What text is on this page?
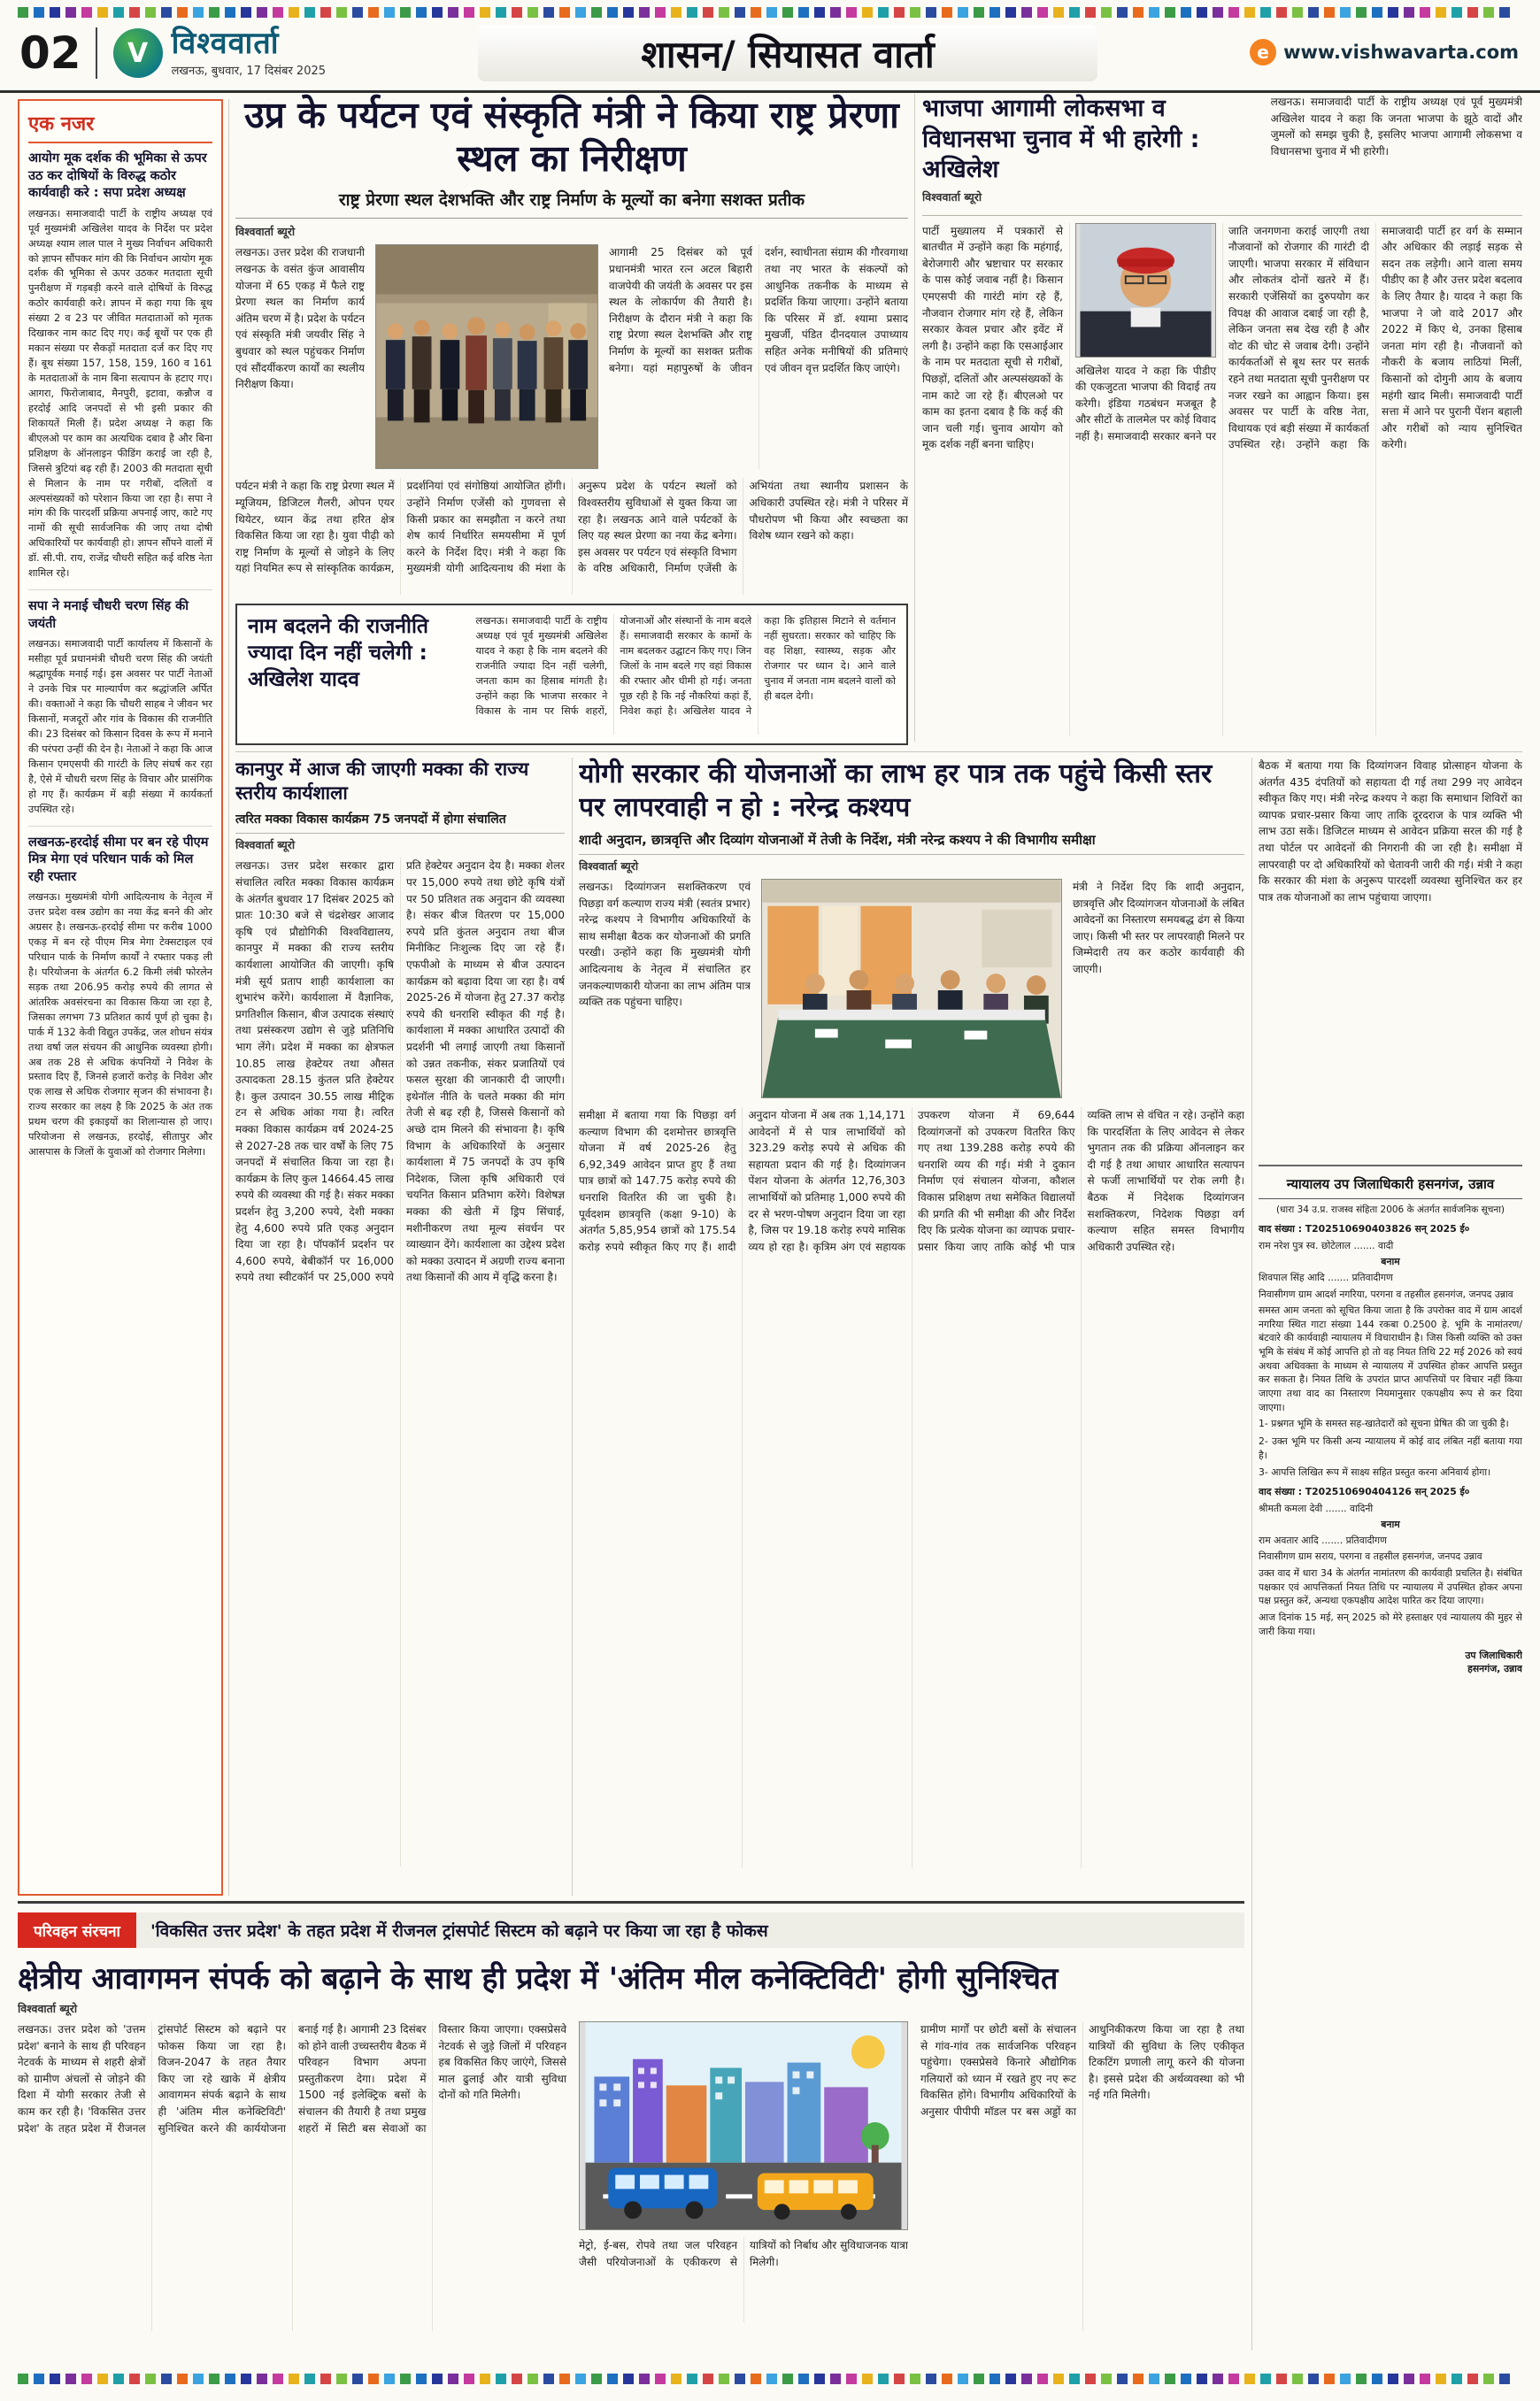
02	V विश्ववार्ता
लखनऊ, बुधवार, 17 दिसंबर 2025	शासन/ सियासत वार्ता	e www.vishwavarta.com
एक नजर
आयोग मूक दर्शक की भूमिका से ऊपर उठ कर दोषियों के विरुद्ध कठोर कार्यवाही करे : सपा प्रदेश अध्यक्ष

लखनऊ। समाजवादी पार्टी के राष्ट्रीय अध्यक्ष एवं पूर्व मुख्यमंत्री अखिलेश यादव के निर्देश पर प्रदेश अध्यक्ष श्याम लाल पाल ने मुख्य निर्वाचन अधिकारी को ज्ञापन सौंपकर मांग की कि निर्वाचन आयोग मूक दर्शक की भूमिका से ऊपर उठकर मतदाता सूची पुनरीक्षण में गड़बड़ी करने वाले दोषियों के विरुद्ध कठोर कार्यवाही करे। ज्ञापन में कहा गया कि बूथ संख्या 2 व 23 पर जीवित मतदाताओं को मृतक दिखाकर नाम काट दिए गए। कई बूथों पर एक ही मकान संख्या पर सैकड़ों मतदाता दर्ज कर दिए गए हैं। बूथ संख्या 157, 158, 159, 160 व 161 के मतदाताओं के नाम बिना सत्यापन के हटाए गए। आगरा, फिरोजाबाद, मैनपुरी, इटावा, कन्नौज व हरदोई आदि जनपदों से भी इसी प्रकार की शिकायतें मिली हैं। प्रदेश अध्यक्ष ने कहा कि बीएलओ पर काम का अत्यधिक दबाव है और बिना प्रशिक्षण के ऑनलाइन फीडिंग कराई जा रही है, जिससे त्रुटियां बढ़ रही हैं। 2003 की मतदाता सूची से मिलान के नाम पर गरीबों, दलितों व अल्पसंख्यकों को परेशान किया जा रहा है। सपा ने मांग की कि पारदर्शी प्रक्रिया अपनाई जाए, काटे गए नामों की सूची सार्वजनिक की जाए तथा दोषी अधिकारियों पर कार्यवाही हो। ज्ञापन सौंपने वालों में डॉ. सी.पी. राय, राजेंद्र चौधरी सहित कई वरिष्ठ नेता शामिल रहे।

सपा ने मनाई चौधरी चरण सिंह की जयंती

लखनऊ। समाजवादी पार्टी कार्यालय में किसानों के मसीहा पूर्व प्रधानमंत्री चौधरी चरण सिंह की जयंती श्रद्धापूर्वक मनाई गई। इस अवसर पर पार्टी नेताओं ने उनके चित्र पर माल्यार्पण कर श्रद्धांजलि अर्पित की। वक्ताओं ने कहा कि चौधरी साहब ने जीवन भर किसानों, मजदूरों और गांव के विकास की राजनीति की। 23 दिसंबर को किसान दिवस के रूप में मनाने की परंपरा उन्हीं की देन है। नेताओं ने कहा कि आज किसान एमएसपी की गारंटी के लिए संघर्ष कर रहा है, ऐसे में चौधरी चरण सिंह के विचार और प्रासंगिक हो गए हैं। कार्यक्रम में बड़ी संख्या में कार्यकर्ता उपस्थित रहे।

लखनऊ-हरदोई सीमा पर बन रहे पीएम मित्र मेगा एवं परिधान पार्क को मिल रही रफ्तार

लखनऊ। मुख्यमंत्री योगी आदित्यनाथ के नेतृत्व में उत्तर प्रदेश वस्त्र उद्योग का नया केंद्र बनने की ओर अग्रसर है। लखनऊ-हरदोई सीमा पर करीब 1000 एकड़ में बन रहे पीएम मित्र मेगा टेक्सटाइल एवं परिधान पार्क के निर्माण कार्यों ने रफ्तार पकड़ ली है। परियोजना के अंतर्गत 6.2 किमी लंबी फोरलेन सड़क तथा 206.95 करोड़ रुपये की लागत से आंतरिक अवसंरचना का विकास किया जा रहा है, जिसका लगभग 73 प्रतिशत कार्य पूर्ण हो चुका है। पार्क में 132 केवी विद्युत उपकेंद्र, जल शोधन संयंत्र तथा वर्षा जल संचयन की आधुनिक व्यवस्था होगी। अब तक 28 से अधिक कंपनियों ने निवेश के प्रस्ताव दिए हैं, जिनसे हजारों करोड़ के निवेश और एक लाख से अधिक रोजगार सृजन की संभावना है। राज्य सरकार का लक्ष्य है कि 2025 के अंत तक प्रथम चरण की इकाइयों का शिलान्यास हो जाए। परियोजना से लखनऊ, हरदोई, सीतापुर और आसपास के जिलों के युवाओं को रोजगार मिलेगा।

उप्र के पर्यटन एवं संस्कृति मंत्री ने किया राष्ट्र प्रेरणा स्थल का निरीक्षण
राष्ट्र प्रेरणा स्थल देशभक्ति और राष्ट्र निर्माण के मूल्यों का बनेगा सशक्त प्रतीक
विश्ववार्ता ब्यूरो

लखनऊ। उत्तर प्रदेश की राजधानी लखनऊ के वसंत कुंज आवासीय योजना में 65 एकड़ में फैले राष्ट्र प्रेरणा स्थल का निर्माण कार्य अंतिम चरण में है। प्रदेश के पर्यटन एवं संस्कृति मंत्री जयवीर सिंह ने बुधवार को स्थल पहुंचकर निर्माण एवं सौंदर्यीकरण कार्यों का स्थलीय निरीक्षण किया।

आगामी 25 दिसंबर को पूर्व प्रधानमंत्री भारत रत्न अटल बिहारी वाजपेयी की जयंती के अवसर पर इस स्थल के लोकार्पण की तैयारी है। निरीक्षण के दौरान मंत्री ने कहा कि राष्ट्र प्रेरणा स्थल देशभक्ति और राष्ट्र निर्माण के मूल्यों का सशक्त प्रतीक बनेगा। यहां महापुरुषों के जीवन दर्शन, स्वाधीनता संग्राम की गौरवगाथा तथा नए भारत के संकल्पों को आधुनिक तकनीक के माध्यम से प्रदर्शित किया जाएगा। उन्होंने बताया कि परिसर में डॉ. श्यामा प्रसाद मुखर्जी, पंडित दीनदयाल उपाध्याय सहित अनेक मनीषियों की प्रतिमाएं एवं जीवन वृत्त प्रदर्शित किए जाएंगे।

पर्यटन मंत्री ने कहा कि राष्ट्र प्रेरणा स्थल में म्यूजियम, डिजिटल गैलरी, ओपन एयर थियेटर, ध्यान केंद्र तथा हरित क्षेत्र विकसित किया जा रहा है। युवा पीढ़ी को राष्ट्र निर्माण के मूल्यों से जोड़ने के लिए यहां नियमित रूप से सांस्कृतिक कार्यक्रम, प्रदर्शनियां एवं संगोष्ठियां आयोजित होंगी। उन्होंने निर्माण एजेंसी को गुणवत्ता से किसी प्रकार का समझौता न करने तथा शेष कार्य निर्धारित समयसीमा में पूर्ण करने के निर्देश दिए। मंत्री ने कहा कि मुख्यमंत्री योगी आदित्यनाथ की मंशा के अनुरूप प्रदेश के पर्यटन स्थलों को विश्वस्तरीय सुविधाओं से युक्त किया जा रहा है। लखनऊ आने वाले पर्यटकों के लिए यह स्थल प्रेरणा का नया केंद्र बनेगा। इस अवसर पर पर्यटन एवं संस्कृति विभाग के वरिष्ठ अधिकारी, निर्माण एजेंसी के अभियंता तथा स्थानीय प्रशासन के अधिकारी उपस्थित रहे। मंत्री ने परिसर में पौधरोपण भी किया और स्वच्छता का विशेष ध्यान रखने को कहा।

नाम बदलने की राजनीति ज्यादा दिन नहीं चलेगी : अखिलेश यादव

लखनऊ। समाजवादी पार्टी के राष्ट्रीय अध्यक्ष एवं पूर्व मुख्यमंत्री अखिलेश यादव ने कहा है कि नाम बदलने की राजनीति ज्यादा दिन नहीं चलेगी, जनता काम का हिसाब मांगती है। उन्होंने कहा कि भाजपा सरकार ने विकास के नाम पर सिर्फ शहरों, योजनाओं और संस्थानों के नाम बदले हैं। समाजवादी सरकार के कामों के नाम बदलकर उद्घाटन किए गए। जिन जिलों के नाम बदले गए वहां विकास की रफ्तार और धीमी हो गई। जनता पूछ रही है कि नई नौकरियां कहां हैं, निवेश कहां है। अखिलेश यादव ने कहा कि इतिहास मिटाने से वर्तमान नहीं सुधरता। सरकार को चाहिए कि वह शिक्षा, स्वास्थ्य, सड़क और रोजगार पर ध्यान दे। आने वाले चुनाव में जनता नाम बदलने वालों को ही बदल देगी।

भाजपा आगामी लोकसभा व विधानसभा चुनाव में भी हारेगी : अखिलेश
विश्ववार्ता ब्यूरो

लखनऊ। समाजवादी पार्टी के राष्ट्रीय अध्यक्ष एवं पूर्व मुख्यमंत्री अखिलेश यादव ने कहा कि जनता भाजपा के झूठे वादों और जुमलों को समझ चुकी है, इसलिए भाजपा आगामी लोकसभा व विधानसभा चुनाव में भी हारेगी।

पार्टी मुख्यालय में पत्रकारों से बातचीत में उन्होंने कहा कि महंगाई, बेरोजगारी और भ्रष्टाचार पर सरकार के पास कोई जवाब नहीं है। किसान एमएसपी की गारंटी मांग रहे हैं, नौजवान रोजगार मांग रहे हैं, लेकिन सरकार केवल प्रचार और इवेंट में लगी है। उन्होंने कहा कि एसआईआर के नाम पर मतदाता सूची से गरीबों, पिछड़ों, दलितों और अल्पसंख्यकों के नाम काटे जा रहे हैं। बीएलओ पर काम का इतना दबाव है कि कई की जान चली गई। चुनाव आयोग को मूक दर्शक नहीं बनना चाहिए।

अखिलेश यादव ने कहा कि पीडीए की एकजुटता भाजपा की विदाई तय करेगी। इंडिया गठबंधन मजबूत है और सीटों के तालमेल पर कोई विवाद नहीं है। समाजवादी सरकार बनने पर जाति जनगणना कराई जाएगी तथा नौजवानों को रोजगार की गारंटी दी जाएगी। भाजपा सरकार में संविधान और लोकतंत्र दोनों खतरे में हैं। सरकारी एजेंसियों का दुरुपयोग कर विपक्ष की आवाज दबाई जा रही है, लेकिन जनता सब देख रही है और वोट की चोट से जवाब देगी। उन्होंने कार्यकर्ताओं से बूथ स्तर पर सतर्क रहने तथा मतदाता सूची पुनरीक्षण पर नजर रखने का आह्वान किया। इस अवसर पर पार्टी के वरिष्ठ नेता, विधायक एवं बड़ी संख्या में कार्यकर्ता उपस्थित रहे। उन्होंने कहा कि समाजवादी पार्टी हर वर्ग के सम्मान और अधिकार की लड़ाई सड़क से सदन तक लड़ेगी। आने वाला समय पीडीए का है और उत्तर प्रदेश बदलाव के लिए तैयार है। यादव ने कहा कि भाजपा ने जो वादे 2017 और 2022 में किए थे, उनका हिसाब जनता मांग रही है। नौजवानों को नौकरी के बजाय लाठियां मिलीं, किसानों को दोगुनी आय के बजाय महंगी खाद मिली। समाजवादी पार्टी सत्ता में आने पर पुरानी पेंशन बहाली और गरीबों को न्याय सुनिश्चित करेगी।

कानपुर में आज की जाएगी मक्का की राज्य स्तरीय कार्यशाला
त्वरित मक्का विकास कार्यक्रम 75 जनपदों में होगा संचालित
विश्ववार्ता ब्यूरो

लखनऊ। उत्तर प्रदेश सरकार द्वारा संचालित त्वरित मक्का विकास कार्यक्रम के अंतर्गत बुधवार 17 दिसंबर 2025 को प्रातः 10:30 बजे से चंद्रशेखर आजाद कृषि एवं प्रौद्योगिकी विश्वविद्यालय, कानपुर में मक्का की राज्य स्तरीय कार्यशाला आयोजित की जाएगी। कृषि मंत्री सूर्य प्रताप शाही कार्यशाला का शुभारंभ करेंगे। कार्यशाला में वैज्ञानिक, प्रगतिशील किसान, बीज उत्पादक संस्थाएं तथा प्रसंस्करण उद्योग से जुड़े प्रतिनिधि भाग लेंगे। प्रदेश में मक्का का क्षेत्रफल 10.85 लाख हेक्टेयर तथा औसत उत्पादकता 28.15 कुंतल प्रति हेक्टेयर है। कुल उत्पादन 30.55 लाख मीट्रिक टन से अधिक आंका गया है। त्वरित मक्का विकास कार्यक्रम वर्ष 2024-25 से 2027-28 तक चार वर्षों के लिए 75 जनपदों में संचालित किया जा रहा है। कार्यक्रम के लिए कुल 14664.45 लाख रुपये की व्यवस्था की गई है। संकर मक्का प्रदर्शन हेतु 3,200 रुपये, देशी मक्का हेतु 4,600 रुपये प्रति एकड़ अनुदान दिया जा रहा है। पॉपकॉर्न प्रदर्शन पर 4,600 रुपये, बेबीकॉर्न पर 16,000 रुपये तथा स्वीटकॉर्न पर 25,000 रुपये प्रति हेक्टेयर अनुदान देय है। मक्का शेलर पर 15,000 रुपये तथा छोटे कृषि यंत्रों पर 50 प्रतिशत तक अनुदान की व्यवस्था है। संकर बीज वितरण पर 15,000 रुपये प्रति कुंतल अनुदान तथा बीज मिनीकिट निःशुल्क दिए जा रहे हैं। एफपीओ के माध्यम से बीज उत्पादन कार्यक्रम को बढ़ावा दिया जा रहा है। वर्ष 2025-26 में योजना हेतु 27.37 करोड़ रुपये की धनराशि स्वीकृत की गई है। कार्यशाला में मक्का आधारित उत्पादों की प्रदर्शनी भी लगाई जाएगी तथा किसानों को उन्नत तकनीक, संकर प्रजातियों एवं फसल सुरक्षा की जानकारी दी जाएगी। इथेनॉल नीति के चलते मक्का की मांग तेजी से बढ़ रही है, जिससे किसानों को अच्छे दाम मिलने की संभावना है। कृषि विभाग के अधिकारियों के अनुसार कार्यशाला में 75 जनपदों के उप कृषि निदेशक, जिला कृषि अधिकारी एवं चयनित किसान प्रतिभाग करेंगे। विशेषज्ञ मक्का की खेती में ड्रिप सिंचाई, मशीनीकरण तथा मूल्य संवर्धन पर व्याख्यान देंगे। कार्यशाला का उद्देश्य प्रदेश को मक्का उत्पादन में अग्रणी राज्य बनाना तथा किसानों की आय में वृद्धि करना है।

योगी सरकार की योजनाओं का लाभ हर पात्र तक पहुंचे किसी स्तर पर लापरवाही न हो : नरेन्द्र कश्यप
शादी अनुदान, छात्रवृत्ति और दिव्यांग योजनाओं में तेजी के निर्देश, मंत्री नरेन्द्र कश्यप ने की विभागीय समीक्षा
विश्ववार्ता ब्यूरो

लखनऊ। दिव्यांगजन सशक्तिकरण एवं पिछड़ा वर्ग कल्याण राज्य मंत्री (स्वतंत्र प्रभार) नरेन्द्र कश्यप ने विभागीय अधिकारियों के साथ समीक्षा बैठक कर योजनाओं की प्रगति परखी। उन्होंने कहा कि मुख्यमंत्री योगी आदित्यनाथ के नेतृत्व में संचालित हर जनकल्याणकारी योजना का लाभ अंतिम पात्र व्यक्ति तक पहुंचना चाहिए।

मंत्री ने निर्देश दिए कि शादी अनुदान, छात्रवृत्ति और दिव्यांगजन योजनाओं के लंबित आवेदनों का निस्तारण समयबद्ध ढंग से किया जाए। किसी भी स्तर पर लापरवाही मिलने पर जिम्मेदारी तय कर कठोर कार्यवाही की जाएगी।

समीक्षा में बताया गया कि पिछड़ा वर्ग कल्याण विभाग की दशमोत्तर छात्रवृत्ति योजना में वर्ष 2025-26 हेतु 6,92,349 आवेदन प्राप्त हुए हैं तथा पात्र छात्रों को 147.75 करोड़ रुपये की धनराशि वितरित की जा चुकी है। पूर्वदशम छात्रवृत्ति (कक्षा 9-10) के अंतर्गत 5,85,954 छात्रों को 175.54 करोड़ रुपये स्वीकृत किए गए हैं। शादी अनुदान योजना में अब तक 1,14,171 आवेदनों में से पात्र लाभार्थियों को 323.29 करोड़ रुपये से अधिक की सहायता प्रदान की गई है। दिव्यांगजन पेंशन योजना के अंतर्गत 12,76,303 लाभार्थियों को प्रतिमाह 1,000 रुपये की दर से भरण-पोषण अनुदान दिया जा रहा है, जिस पर 19.18 करोड़ रुपये मासिक व्यय हो रहा है। कृत्रिम अंग एवं सहायक उपकरण योजना में 69,644 दिव्यांगजनों को उपकरण वितरित किए गए तथा 139.288 करोड़ रुपये की धनराशि व्यय की गई। मंत्री ने दुकान निर्माण एवं संचालन योजना, कौशल विकास प्रशिक्षण तथा समेकित विद्यालयों की प्रगति की भी समीक्षा की और निर्देश दिए कि प्रत्येक योजना का व्यापक प्रचार-प्रसार किया जाए ताकि कोई भी पात्र व्यक्ति लाभ से वंचित न रहे। उन्होंने कहा कि पारदर्शिता के लिए आवेदन से लेकर भुगतान तक की प्रक्रिया ऑनलाइन कर दी गई है तथा आधार आधारित सत्यापन से फर्जी लाभार्थियों पर रोक लगी है। बैठक में निदेशक दिव्यांगजन सशक्तिकरण, निदेशक पिछड़ा वर्ग कल्याण सहित समस्त विभागीय अधिकारी उपस्थित रहे।

बैठक में बताया गया कि दिव्यांगजन विवाह प्रोत्साहन योजना के अंतर्गत 435 दंपतियों को सहायता दी गई तथा 299 नए आवेदन स्वीकृत किए गए। मंत्री नरेन्द्र कश्यप ने कहा कि समाधान शिविरों का व्यापक प्रचार-प्रसार किया जाए ताकि दूरदराज के पात्र व्यक्ति भी लाभ उठा सकें। डिजिटल माध्यम से आवेदन प्रक्रिया सरल की गई है तथा पोर्टल पर आवेदनों की निगरानी की जा रही है। समीक्षा में लापरवाही पर दो अधिकारियों को चेतावनी जारी की गई। मंत्री ने कहा कि सरकार की मंशा के अनुरूप पारदर्शी व्यवस्था सुनिश्चित कर हर पात्र तक योजनाओं का लाभ पहुंचाया जाएगा।

न्यायालय उप जिलाधिकारी हसनगंज, उन्नाव
(धारा 34 उ.प्र. राजस्व संहिता 2006 के अंतर्गत सार्वजनिक सूचना)
वाद संख्या : T202510690403826 सन् 2025 ई०
राम नरेश पुत्र स्व. छोटेलाल ....... वादी
बनाम
शिवपाल सिंह आदि ....... प्रतिवादीगण
निवासीगण ग्राम आदर्श नगरिया, परगना व तहसील हसनगंज, जनपद उन्नाव

समस्त आम जनता को सूचित किया जाता है कि उपरोक्त वाद में ग्राम आदर्श नगरिया स्थित गाटा संख्या 144 रकबा 0.2500 हे. भूमि के नामांतरण/बंटवारे की कार्यवाही न्यायालय में विचाराधीन है। जिस किसी व्यक्ति को उक्त भूमि के संबंध में कोई आपत्ति हो तो वह नियत तिथि 22 मई 2026 को स्वयं अथवा अधिवक्ता के माध्यम से न्यायालय में उपस्थित होकर आपत्ति प्रस्तुत कर सकता है। नियत तिथि के उपरां‍त प्राप्त आपत्तियों पर विचार नहीं किया जाएगा तथा वाद का निस्तारण नियमानुसार एकपक्षीय रूप से कर दिया जाएगा।

1- प्रश्नगत भूमि के समस्त सह-खातेदारों को सूचना प्रेषित की जा चुकी है।

2- उक्त भूमि पर किसी अन्य न्यायालय में कोई वाद लंबित नहीं बताया गया है।

3- आपत्ति लिखित रूप में साक्ष्य सहित प्रस्तुत करना अनिवार्य होगा।

वाद संख्या : T202510690404126 सन् 2025 ई०
श्रीमती कमला देवी ....... वादिनी
बनाम
राम अवतार आदि ....... प्रतिवादीगण
निवासीगण ग्राम सराय, परगना व तहसील हसनगंज, जनपद उन्नाव

उक्त वाद में धारा 34 के अंतर्गत नामांतरण की कार्यवाही प्रचलित है। संबंधित पक्षकार एवं आपत्तिकर्ता नियत तिथि पर न्यायालय में उपस्थित होकर अपना पक्ष प्रस्तुत करें, अन्यथा एकपक्षीय आदेश पारित कर दिया जाएगा।

आज दिनांक 15 मई, सन् 2025 को मेरे हस्ताक्षर एवं न्यायालय की मुहर से जारी किया गया।

उप जिलाधिकारी
हसनगंज, उन्नाव
परिवहन संरचना	'विकसित उत्तर प्रदेश' के तहत प्रदेश में रीजनल ट्रांसपोर्ट सिस्टम को बढ़ाने पर किया जा रहा है फोकस
क्षेत्रीय आवागमन संपर्क को बढ़ाने के साथ ही प्रदेश में 'अंतिम मील कनेक्टिविटी' होगी सुनिश्चित
विश्ववार्ता ब्यूरो

लखनऊ। उत्तर प्रदेश को 'उत्तम प्रदेश' बनाने के साथ ही परिवहन नेटवर्क के माध्यम से शहरी क्षेत्रों को ग्रामीण अंचलों से जोड़ने की दिशा में योगी सरकार तेजी से काम कर रही है। 'विकसित उत्तर प्रदेश' के तहत प्रदेश में रीजनल ट्रांसपोर्ट सिस्टम को बढ़ाने पर फोकस किया जा रहा है। विजन-2047 के तहत तैयार किए जा रहे खाके में क्षेत्रीय आवागमन संपर्क बढ़ाने के साथ ही 'अंतिम मील कनेक्टिविटी' सुनिश्चित करने की कार्ययोजना बनाई गई है। आगामी 23 दिसंबर को होने वाली उच्चस्तरीय बैठक में परिवहन विभाग अपना प्रस्तुतीकरण देगा। प्रदेश में 1500 नई इलेक्ट्रिक बसों के संचालन की तैयारी है तथा प्रमुख शहरों में सिटी बस सेवाओं का विस्तार किया जाएगा। एक्सप्रेसवे नेटवर्क से जुड़े जिलों में परिवहन हब विकसित किए जाएंगे, जिससे माल ढुलाई और यात्री सुविधा दोनों को गति मिलेगी।

मेट्रो, ई-बस, रोपवे तथा जल परिवहन जैसी परियोजनाओं के एकीकरण से यात्रियों को निर्बाध और सुविधाजनक यात्रा मिलेगी।

ग्रामीण मार्गों पर छोटी बसों के संचालन से गांव-गांव तक सार्वजनिक परिवहन पहुंचेगा। एक्सप्रेसवे किनारे औद्योगिक गलियारों को ध्यान में रखते हुए नए रूट विकसित होंगे। विभागीय अधिकारियों के अनुसार पीपीपी मॉडल पर बस अड्डों का आधुनिकीकरण किया जा रहा है तथा यात्रियों की सुविधा के लिए एकीकृत टिकटिंग प्रणाली लागू करने की योजना है। इससे प्रदेश की अर्थव्यवस्था को भी नई गति मिलेगी।
